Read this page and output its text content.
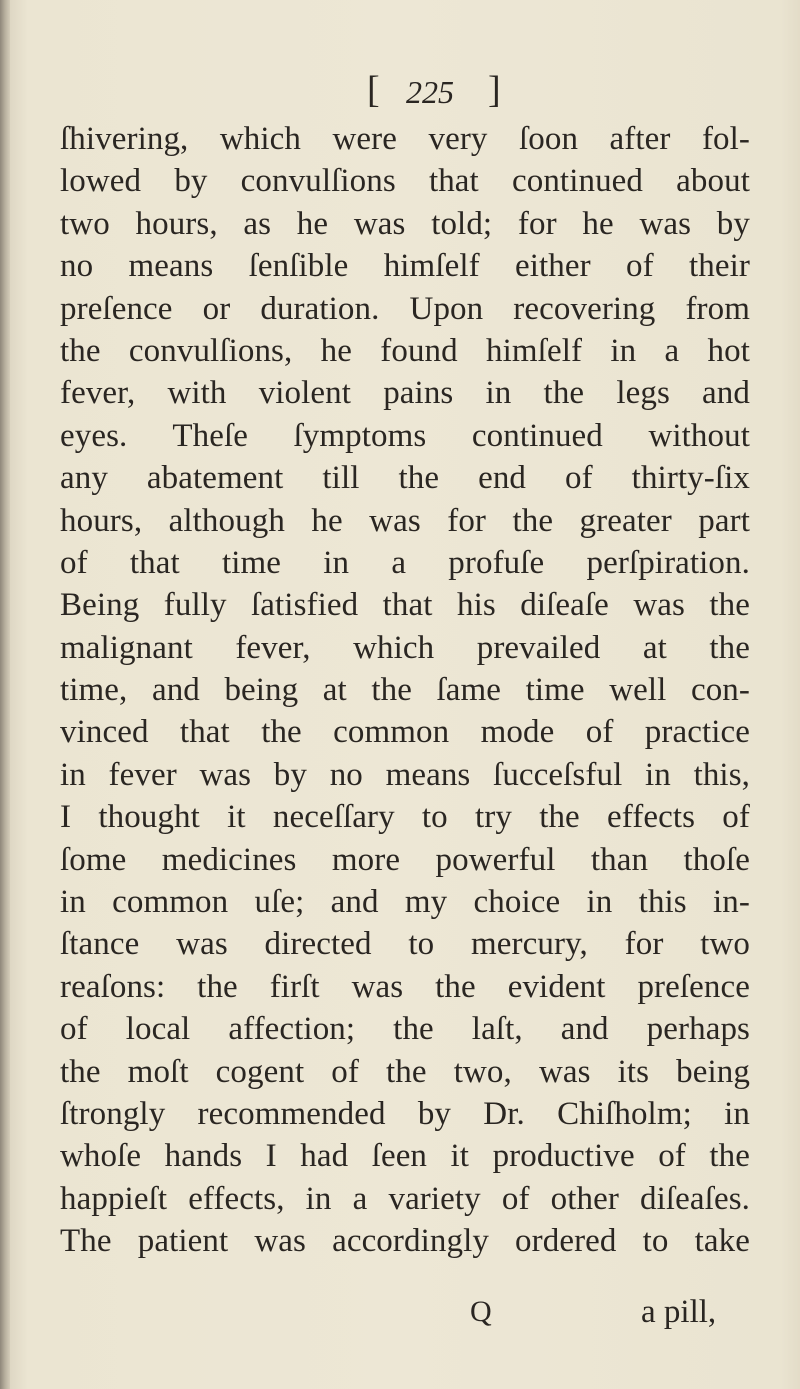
[ 225 ]
ſhivering, which were very ſoon after fol-
lowed by convulſions that continued about
two hours, as he was told; for he was by
no means ſenſible himſelf either of their
preſence or duration. Upon recovering from
the convulſions, he found himſelf in a hot
fever, with violent pains in the legs and
eyes. Theſe ſymptoms continued without
any abatement till the end of thirty-ſix
hours, although he was for the greater part
of that time in a profuſe perſpiration.
Being fully ſatisfied that his diſeaſe was the
malignant fever, which prevailed at the
time, and being at the ſame time well con-
vinced that the common mode of practice
in fever was by no means ſucceſsful in this,
I thought it neceſſary to try the effects of
ſome medicines more powerful than thoſe
in common uſe; and my choice in this in-
ſtance was directed to mercury, for two
reaſons: the firſt was the evident preſence
of local affection; the laſt, and perhaps
the moſt cogent of the two, was its being
ſtrongly recommended by Dr. Chiſholm; in
whoſe hands I had ſeen it productive of the
happieſt effects, in a variety of other diſeaſes.
The patient was accordingly ordered to take
Q	a pill,
